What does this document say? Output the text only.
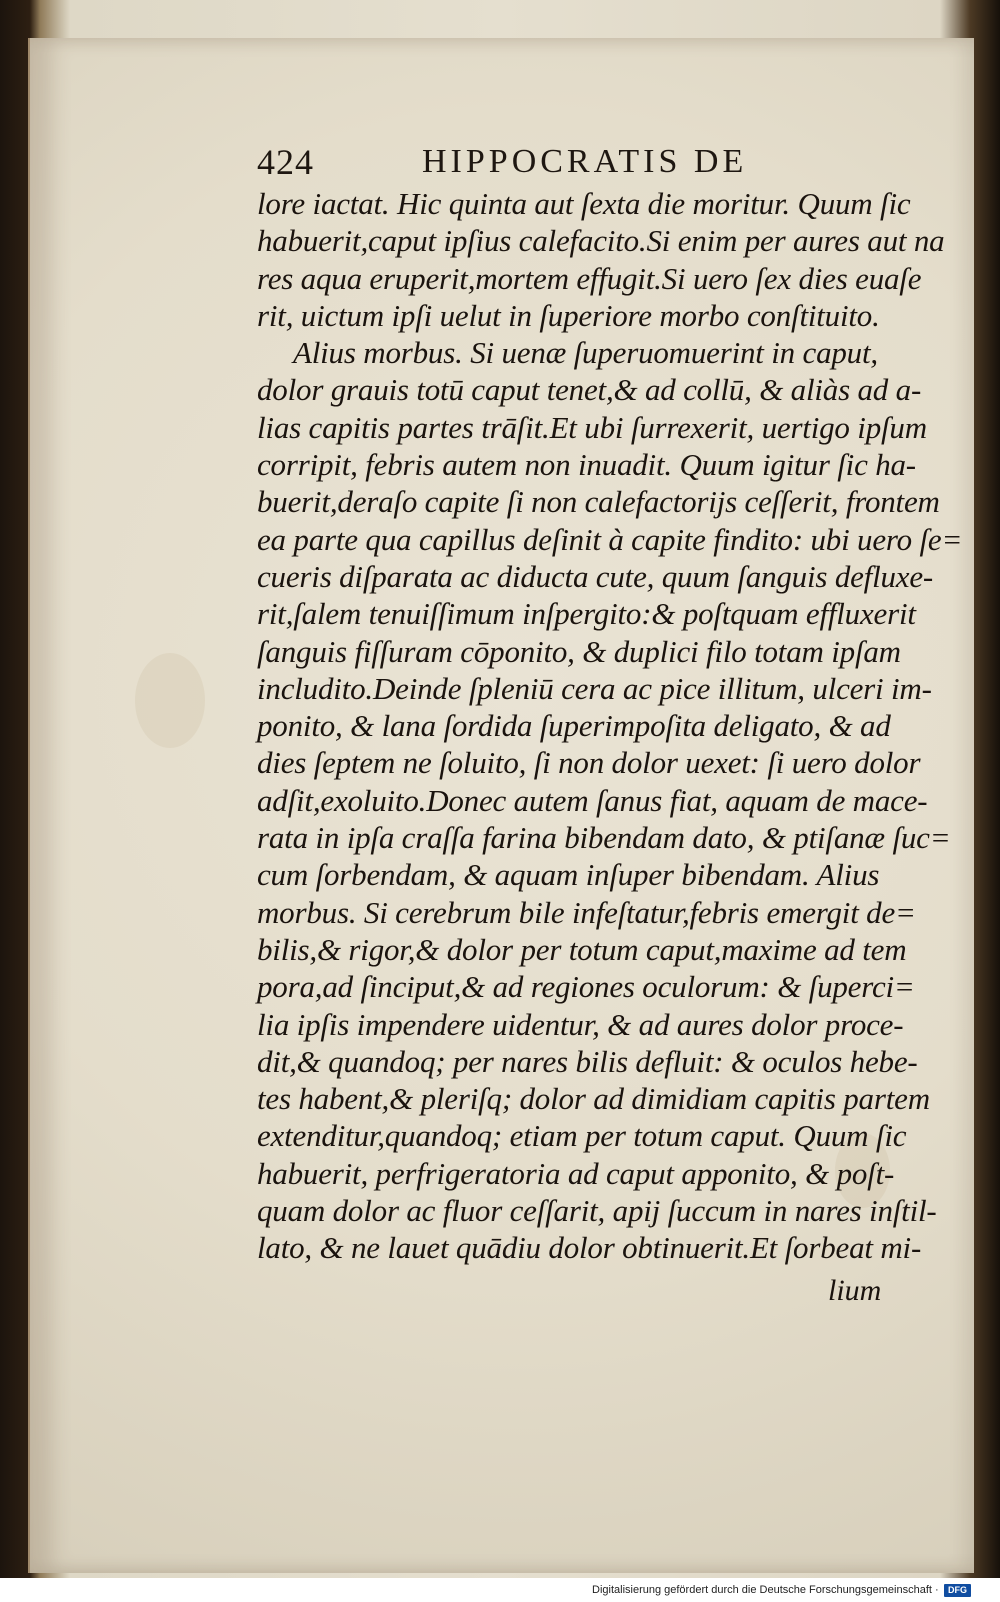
424	HIPPOCRATIS DE
lore iactat. Hic quinta aut ſexta die moritur. Quum ſic
habuerit,caput ipſius calefacito.Si enim per aures aut na
res aqua eruperit,mortem effugit.Si uero ſex dies euaſe
rit, uictum ipſi uelut in ſuperiore morbo conſtituito.
Alius morbus. Si uenæ ſuperuomuerint in caput,
dolor grauis totū caput tenet,& ad collū, & aliàs ad a-
lias capitis partes trāſit.Et ubi ſurrexerit, uertigo ipſum
corripit, febris autem non inuadit. Quum igitur ſic ha-
buerit,deraſo capite ſi non calefactorijs ceſſerit, frontem
ea parte qua capillus deſinit à capite findito: ubi uero ſe=
cueris diſparata ac diducta cute, quum ſanguis defluxe-
rit,ſalem tenuiſſimum inſpergito:& poſtquam effluxerit
ſanguis fiſſuram cōponito, & duplici filo totam ipſam
includito.Deinde ſpleniū cera ac pice illitum, ulceri im-
ponito, & lana ſordida ſuperimpoſita deligato, & ad
dies ſeptem ne ſoluito, ſi non dolor uexet: ſi uero dolor
adſit,exoluito.Donec autem ſanus fiat, aquam de mace-
rata in ipſa craſſa farina bibendam dato, & ptiſanæ ſuc=
cum ſorbendam, & aquam inſuper bibendam. Alius
morbus. Si cerebrum bile infeſtatur,febris emergit de=
bilis,& rigor,& dolor per totum caput,maxime ad tem
pora,ad ſinciput,& ad regiones oculorum: & ſuperci=
lia ipſis impendere uidentur, & ad aures dolor proce-
dit,& quandoq; per nares bilis defluit: & oculos hebe-
tes habent,& pleriſq; dolor ad dimidiam capitis partem
extenditur,quandoq; etiam per totum caput. Quum ſic
habuerit, perfrigeratoria ad caput apponito, & poſt-
quam dolor ac fluor ceſſarit, apij ſuccum in nares inſtil-
lato, & ne lauet quādiu dolor obtinuerit.Et ſorbeat mi-
lium
Digitalisierung gefördert durch die Deutsche Forschungsgemeinschaft ·	DFG
